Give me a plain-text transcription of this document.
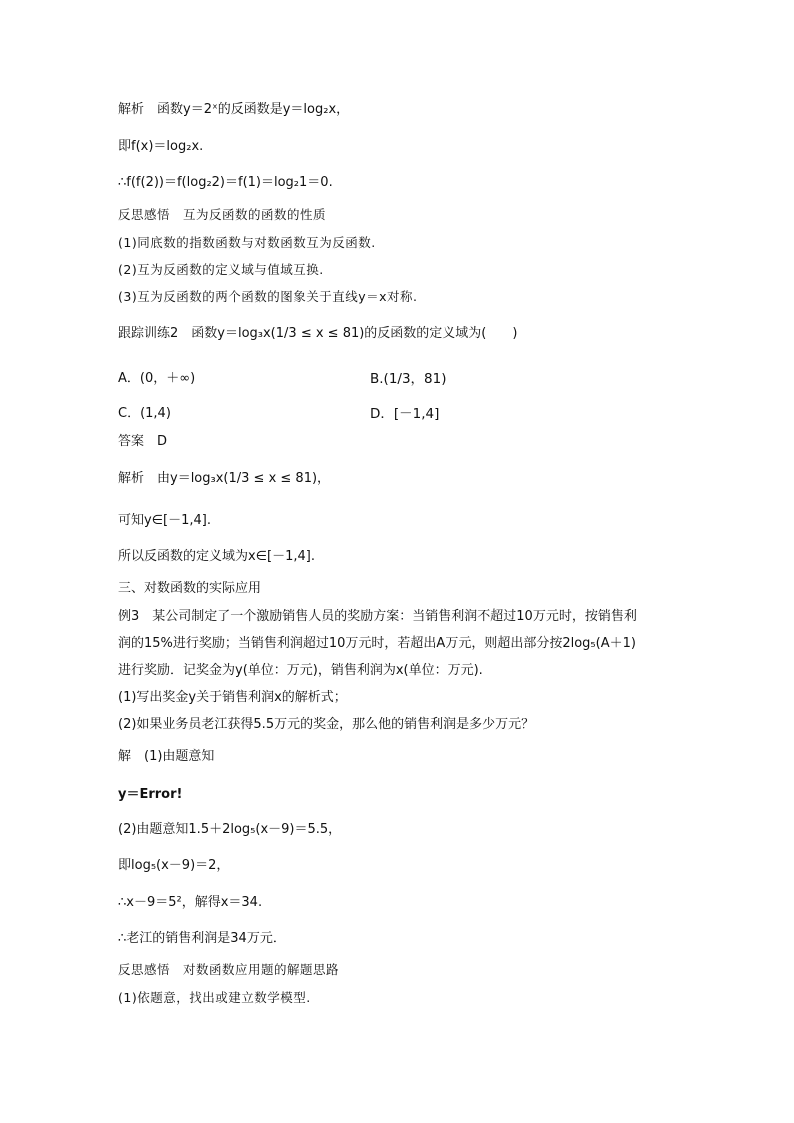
解析　函数y＝2ˣ的反函数是y＝log₂x，
即f(x)＝log₂x.
∴f(f(2))＝f(log₂2)＝f(1)＝log₂1＝0.
反思感悟　互为反函数的函数的性质
(1)同底数的指数函数与对数函数互为反函数.
(2)互为反函数的定义域与值域互换.
(3)互为反函数的两个函数的图象关于直线y＝x对称.
跟踪训练2　函数y＝log₃x(1/3 ≤ x ≤ 81)的反函数的定义域为(　　)
A．(0，＋∞)	B.(1/3，81)
C．(1,4)	D．[－1,4]
答案　D
解析　由y＝log₃x(1/3 ≤ x ≤ 81)，
可知y∈[－1,4].
所以反函数的定义域为x∈[－1,4].
三、对数函数的实际应用
例3　某公司制定了一个激励销售人员的奖励方案：当销售利润不超过10万元时，按销售利
润的15%进行奖励；当销售利润超过10万元时，若超出A万元，则超出部分按2log₅(A＋1)
进行奖励．记奖金为y(单位：万元)，销售利润为x(单位：万元).
(1)写出奖金y关于销售利润x的解析式；
(2)如果业务员老江获得5.5万元的奖金，那么他的销售利润是多少万元？
解　(1)由题意知
y＝Error!
(2)由题意知1.5＋2log₅(x－9)＝5.5，
即log₅(x－9)＝2，
∴x－9＝5²，解得x＝34.
∴老江的销售利润是34万元．
反思感悟　对数函数应用题的解题思路
(1)依题意，找出或建立数学模型.
